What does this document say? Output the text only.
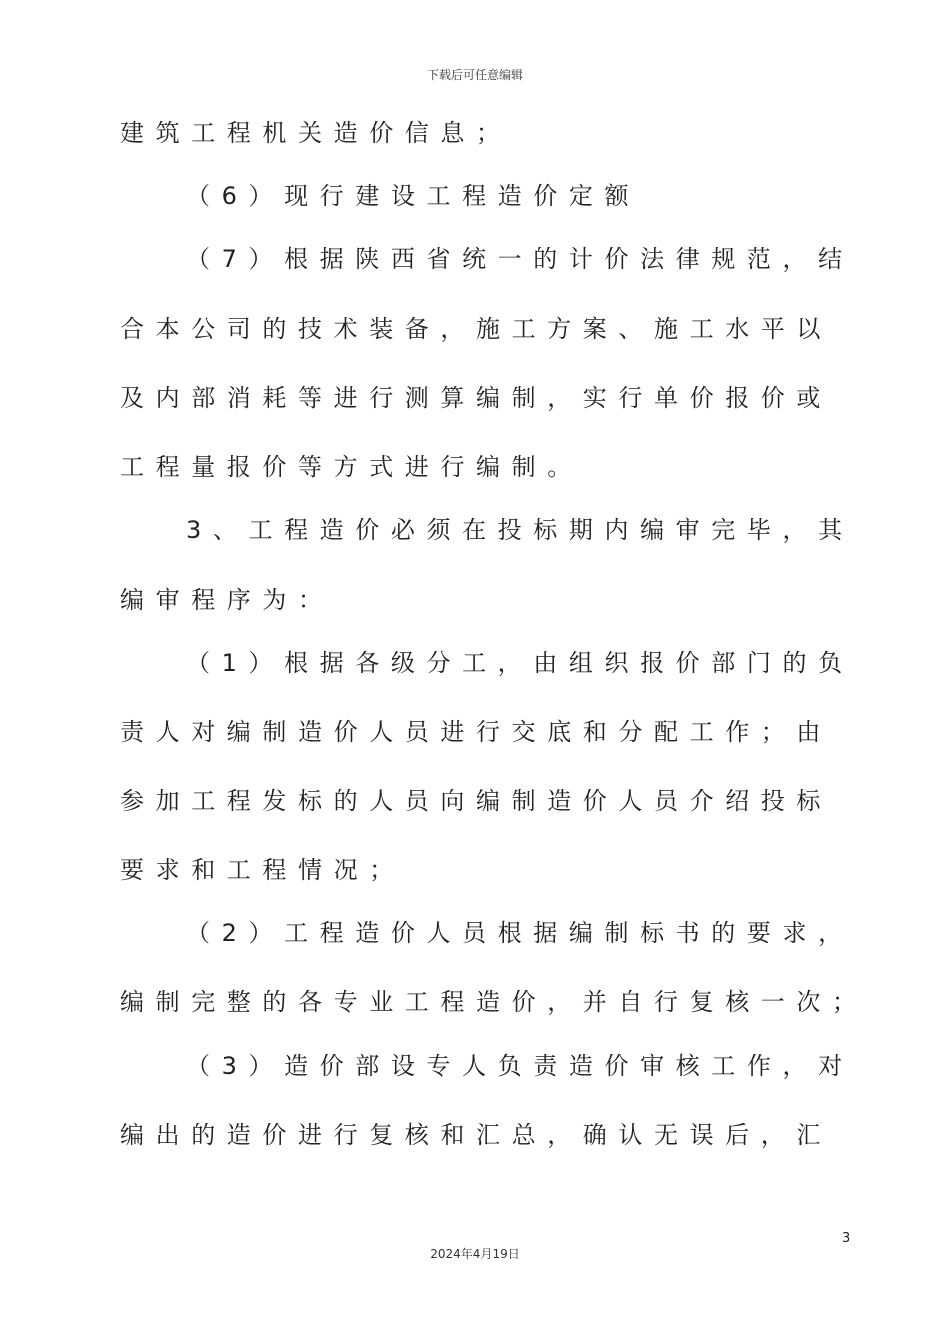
下载后可任意编辑
建筑工程机关造价信息；
（6）现行建设工程造价定额
（7）根据陕西省统一的计价法律规范，结
合本公司的技术装备，施工方案、施工水平以
及内部消耗等进行测算编制，实行单价报价或
工程量报价等方式进行编制。
3、工程造价必须在投标期内编审完毕，其
编审程序为：
（1）根据各级分工，由组织报价部门的负
责人对编制造价人员进行交底和分配工作；由
参加工程发标的人员向编制造价人员介绍投标
要求和工程情况；
（2）工程造价人员根据编制标书的要求，
编制完整的各专业工程造价，并自行复核一次；
（3）造价部设专人负责造价审核工作，对
编出的造价进行复核和汇总，确认无误后，汇
3
2024年4月19日
